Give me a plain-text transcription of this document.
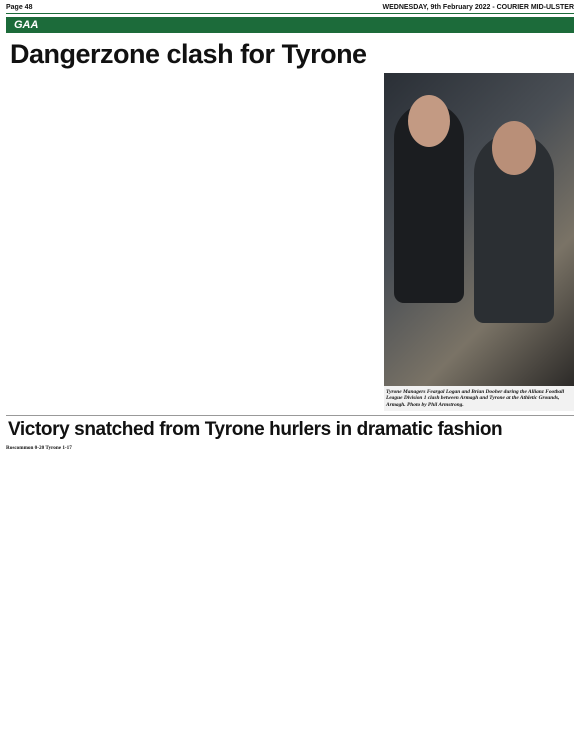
Page 48	WEDNESDAY, 9th February 2022 - COURIER MID-ULSTER
GAA
Dangerzone clash for Tyrone

Tyrone Managers Feargal Logan and Brian Dooher during the Allianz Football League Division 1 clash between Armagh and Tyrone at the Athletic Grounds, Armagh. Photo by Phil Armstrong.
Victory snatched from Tyrone hurlers in dramatic fashion

Roscommon 0-20 Tyrone 1-17
